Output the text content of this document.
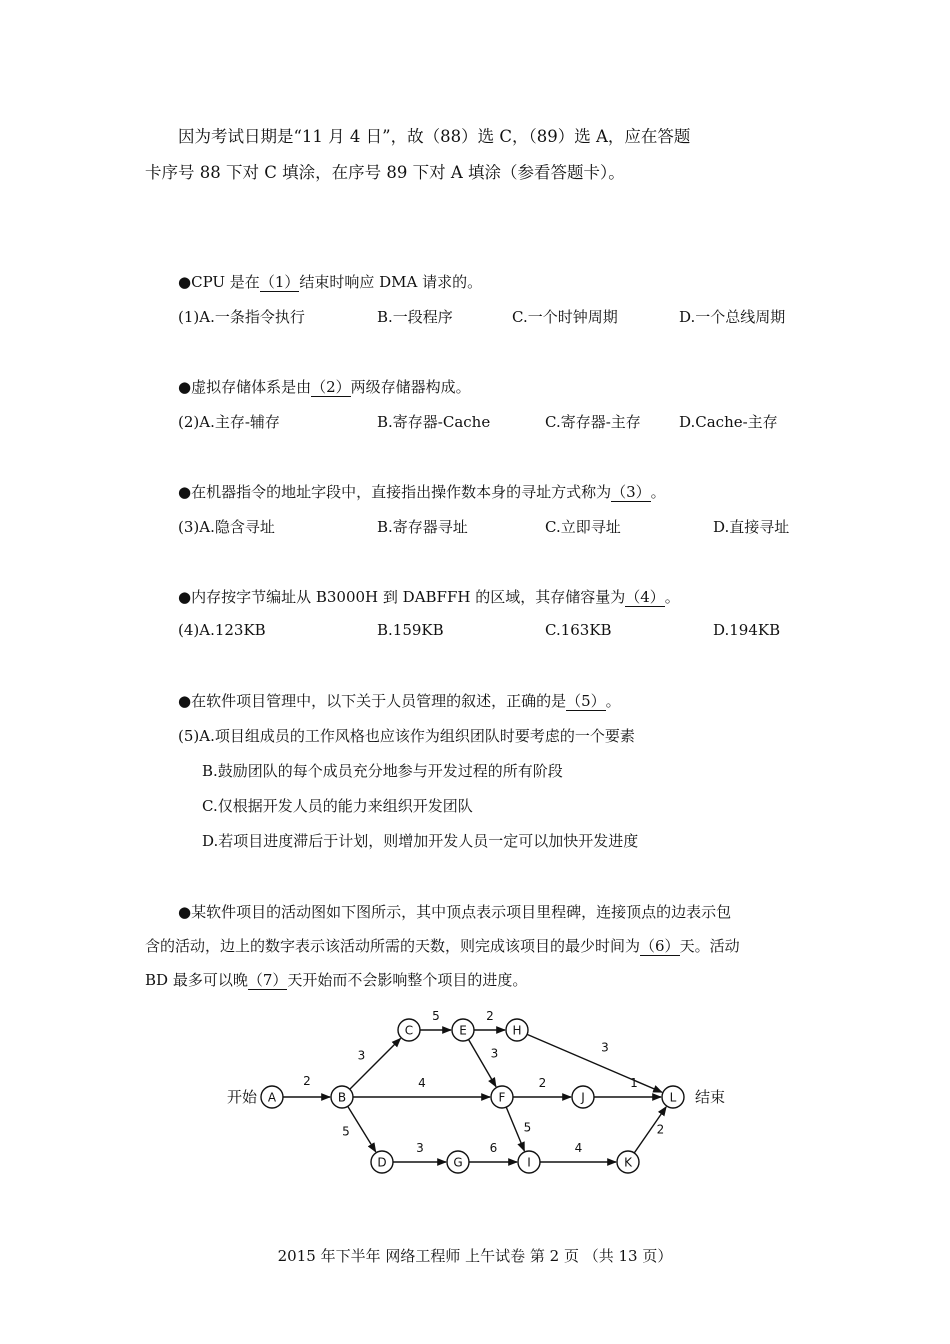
因为考试日期是“11 月 4 日”，故（88）选 C，（89）选 A，应在答题

卡序号 88 下对 C 填涂，在序号 89 下对 A 填涂（参看答题卡）。

●CPU 是在（1）结束时响应 DMA 请求的。
(1)A.一条指令执行	B.一段程序	C.一个时钟周期	D.一个总线周期
●虚拟存储体系是由（2）两级存储器构成。
(2)A.主存-辅存	B.寄存器-Cache	C.寄存器-主存	D.Cache-主存
●在机器指令的地址字段中，直接指出操作数本身的寻址方式称为（3）。
(3)A.隐含寻址	B.寄存器寻址	C.立即寻址	D.直接寻址
●内存按字节编址从 B3000H 到 DABFFH 的区域，其存储容量为（4）。
(4)A.123KB	B.159KB	C.163KB	D.194KB
●在软件项目管理中，以下关于人员管理的叙述，正确的是（5）。
(5)A.项目组成员的工作风格也应该作为组织团队时要考虑的一个要素
B.鼓励团队的每个成员充分地参与开发过程的所有阶段
C.仅根据开发人员的能力来组织开发团队
D.若项目进度滞后于计划，则增加开发人员一定可以加快开发进度

●某软件项目的活动图如下图所示，其中顶点表示项目里程碑，连接顶点的边表示包

含的活动，边上的数字表示该活动所需的天数，则完成该项目的最少时间为（6）天。活动

BD 最多可以晚（7）天开始而不会影响整个项目的进度。

2
3
4
5
5	2
3	3
2
5
1
3	6	4
2
A	B
C
D
E
F
G
H
I
J
K
L
开始	结束
2015 年下半年 网络工程师 上午试卷 第 2 页 （共 13 页）
